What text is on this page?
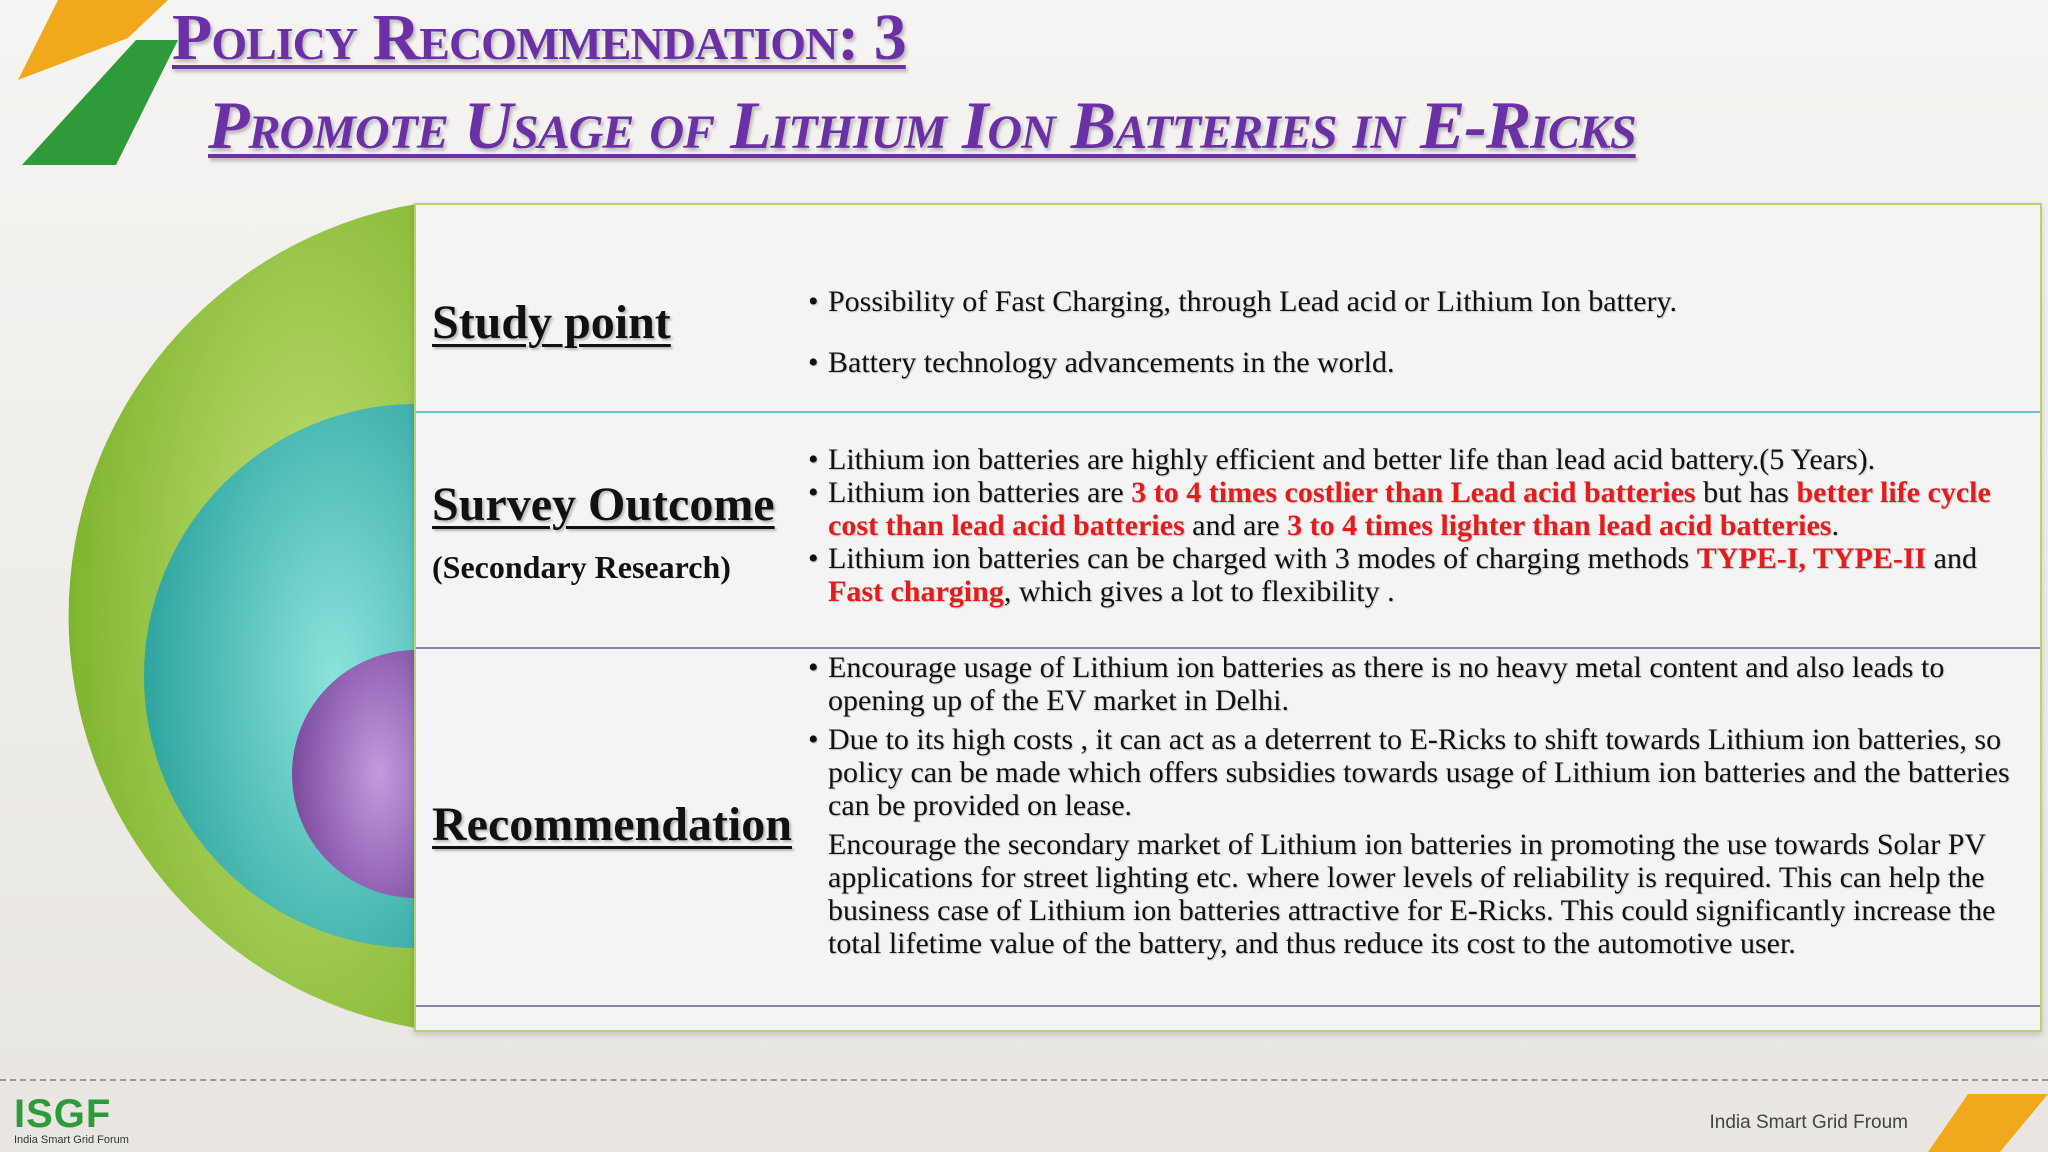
Policy Recommendation: 3
Promote Usage of Lithium Ion Batteries in E-Ricks
Study point
•	Possibility of Fast Charging, through Lead acid or Lithium Ion battery.
• Battery technology advancements in the world.
Survey Outcome
(Secondary Research)
• Lithium ion batteries are highly efficient and better life than lead acid battery.(5 Years).
• Lithium ion batteries are 3 to 4 times costlier than Lead acid batteries but has better life cycle cost than lead acid batteries and are 3 to 4 times lighter than lead acid batteries.
• Lithium ion batteries can be charged with 3 modes of charging methods TYPE-I, TYPE-II and Fast charging, which gives a lot to flexibility .
Recommendation
• Encourage usage of Lithium ion batteries as there is no heavy metal content and also leads to opening up of the EV market in Delhi.
• Due to its high costs , it can act as a deterrent to E-Ricks to shift towards Lithium ion batteries, so policy can be made which offers subsidies towards usage of Lithium ion batteries and the batteries can be provided on lease.
Encourage the secondary market of Lithium ion batteries in promoting the use towards Solar PV applications for street lighting etc. where lower levels of reliability is required. This can help the business case of Lithium ion batteries attractive for E-Ricks. This could significantly increase the total lifetime value of the battery, and thus reduce its cost to the automotive user.
ISGF
India Smart Grid Forum
India Smart Grid Froum
